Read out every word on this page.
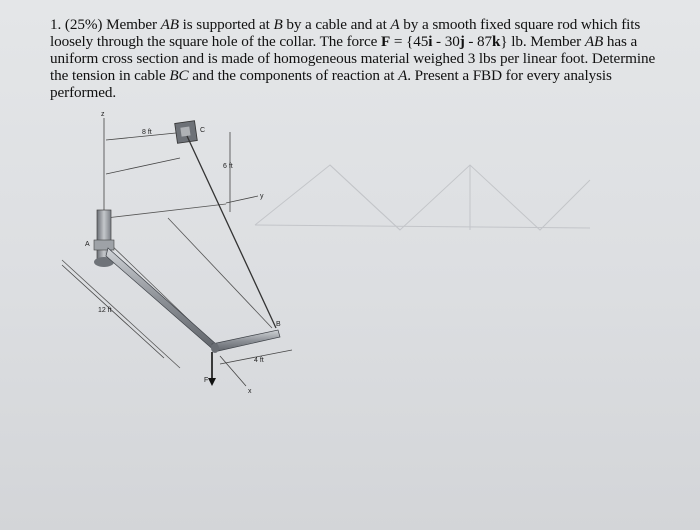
1. (25%) Member AB is supported at B by a cable and at A by a smooth fixed square rod which fits loosely through the square hole of the collar. The force F = {45i - 30j - 87k} lb. Member AB has a uniform cross section and is made of homogeneous material weighed 3 lbs per linear foot. Determine the tension in cable BC and the components of reaction at A. Present a FBD for every analysis performed.
z
8 ft	C
6 ft
y
A
B
12 ft
4 ft
F
x
